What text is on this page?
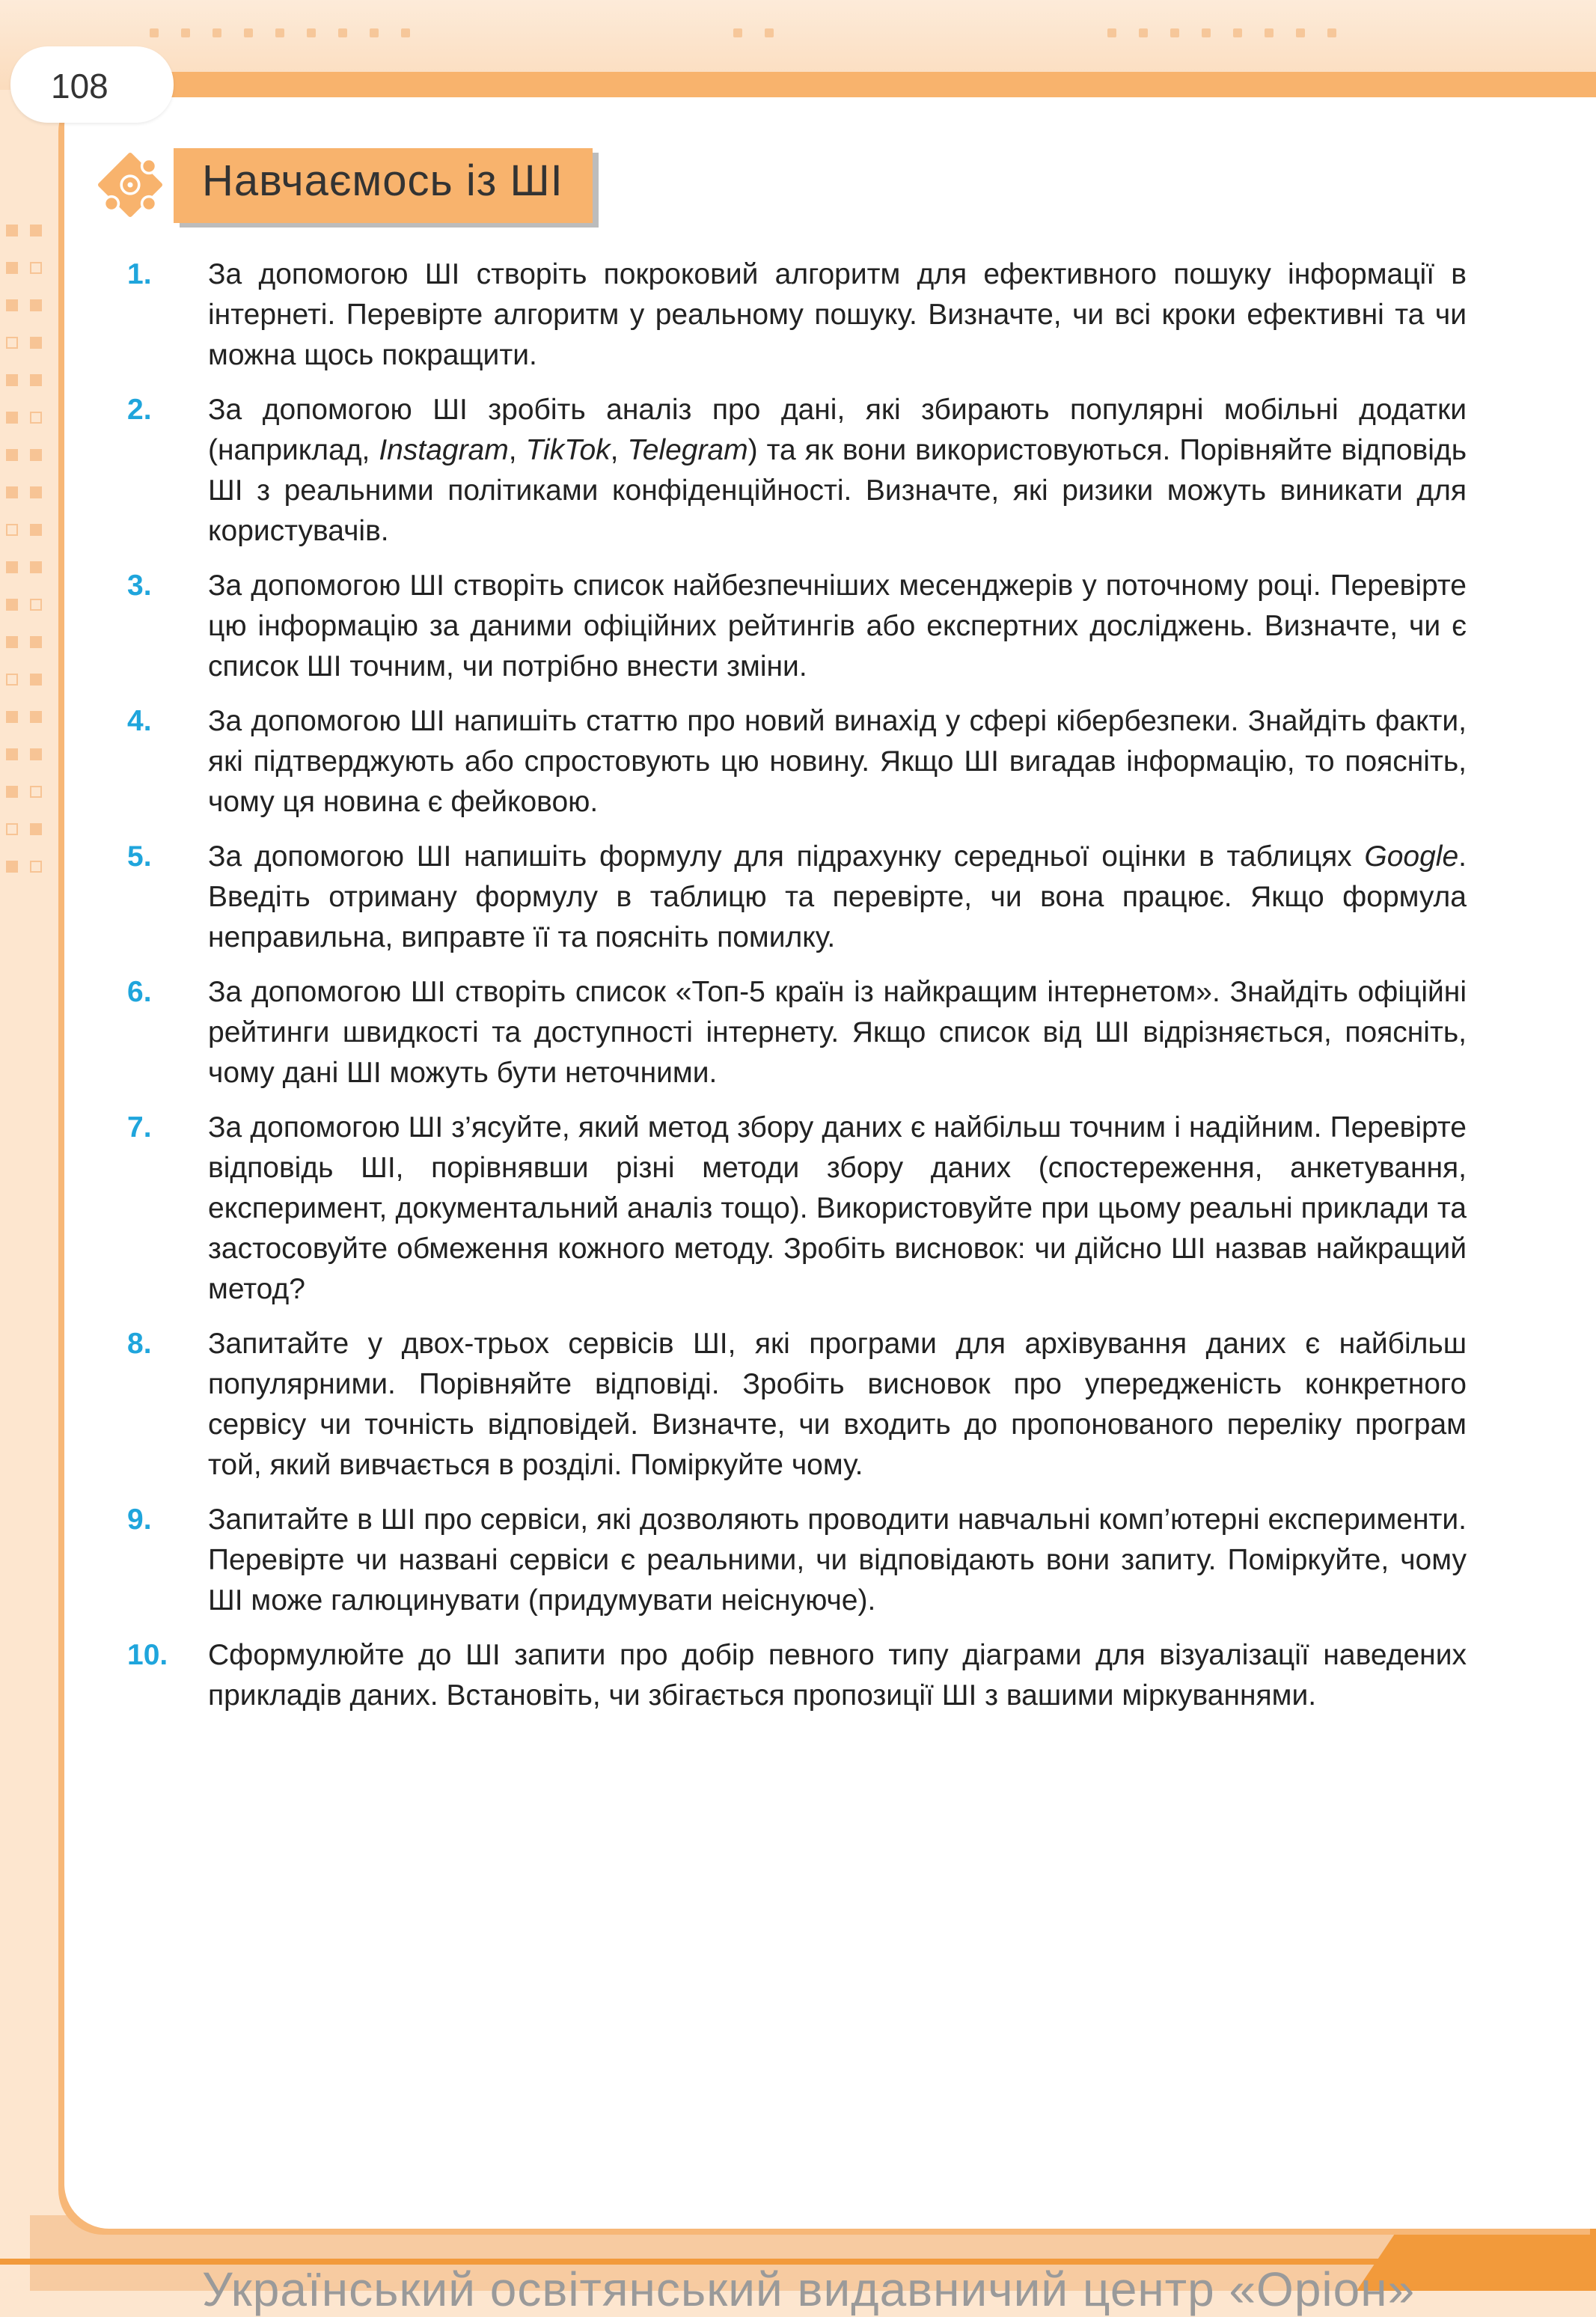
Український освітянський видавничий центр «Оріон»
108
Навчаємось із ШІ
1.	За допомогою ШІ створіть покроковий алгоритм для ефективного пошуку інформації в інтернеті. Перевірте алгоритм у реальному пошуку. Визначте, чи всі кроки ефективні та чи можна щось покращити.
2.	За допомогою ШІ зробіть аналіз про дані, які збирають популярні мобільні додатки (наприклад, Instagram, TikTok, Telegram) та як вони використовуються. Порівняйте відповідь ШІ з реальними політиками конфіденційності. Визначте, які ризики можуть виникати для користувачів.
3.	За допомогою ШІ створіть список найбезпечніших месенджерів у поточному році. Перевірте цю інформацію за даними офіційних рейтингів або експертних досліджень. Визначте, чи є список ШІ точним, чи потрібно внести зміни.
4.	За допомогою ШІ напишіть статтю про новий винахід у сфері кібербезпеки. Знайдіть факти, які підтверджують або спростовують цю новину. Якщо ШІ вигадав інформацію, то поясніть, чому ця новина є фейковою.
5.	За допомогою ШІ напишіть формулу для підрахунку середньої оцінки в таблицях Google. Введіть отриману формулу в таблицю та перевірте, чи вона працює. Якщо формула неправильна, виправте її та поясніть помилку.
6.	За допомогою ШІ створіть список «Топ-5 країн із найкращим інтернетом». Знайдіть офіційні рейтинги швидкості та доступності інтернету. Якщо список від ШІ відрізняється, поясніть, чому дані ШІ можуть бути неточними.
7.	За допомогою ШІ з’ясуйте, який метод збору даних є найбільш точним і надійним. Перевірте відповідь ШІ, порівнявши різні методи збору даних (спостереження, анкетування, експеримент, документальний аналіз тощо). Використовуйте при цьому реальні приклади та застосовуйте обмеження кожного методу. Зробіть висновок: чи дійсно ШІ назвав найкращий метод?
8.	Запитайте у двох-трьох сервісів ШІ, які програми для архівування даних є найбільш популярними. Порівняйте відповіді. Зробіть висновок про упередженість конкретного сервісу чи точність відповідей. Визначте, чи входить до пропонованого переліку програм той, який вивчається в розділі. Поміркуйте чому.
9.	Запитайте в ШІ про сервіси, які дозволяють проводити навчальні комп’ютерні експерименти. Перевірте чи названі сервіси є реальними, чи відповідають вони запиту. Поміркуйте, чому ШІ може галюцинувати (придумувати неіснуюче).
10.	Сформулюйте до ШІ запити про добір певного типу діаграми для візуалізації наведених прикладів даних. Встановіть, чи збігається пропозиції ШІ з вашими міркуваннями.
